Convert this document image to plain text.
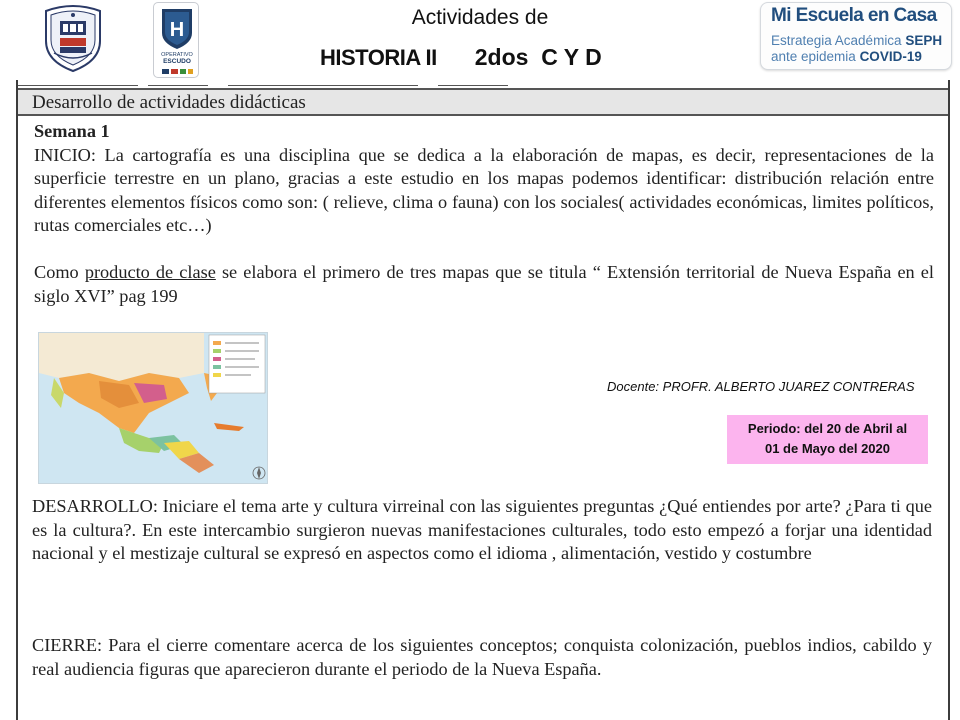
H
OPERATIVO
ESCUDO
Actividades de
HISTORIA II 2dos  C Y D
Mi Escuela en Casa
Estrategia Académica SEPH
ante epidemia COVID-19
Desarrollo de actividades didácticas
Semana 1
INICIO: La cartografía es una disciplina que se dedica a la elaboración de mapas, es decir, representaciones de la superficie terrestre en un plano, gracias a este estudio en los mapas podemos identificar: distribución relación entre diferentes elementos físicos como son: ( relieve, clima o fauna) con los sociales( actividades económicas, limites políticos, rutas comerciales etc…)
Como producto de clase se elabora el primero de tres mapas que se titula “ Extensión territorial de Nueva España en el siglo XVI” pag 199
Docente: PROFR. ALBERTO JUAREZ CONTRERAS
Periodo: del 20 de Abril al
01 de Mayo del 2020
DESARROLLO: Iniciare el tema arte y cultura virreinal con las siguientes preguntas ¿Qué entiendes por arte? ¿Para ti que es la cultura?. En este intercambio surgieron nuevas manifestaciones culturales, todo esto empezó a forjar una identidad nacional y el mestizaje cultural se expresó en aspectos como el idioma , alimentación, vestido y costumbre
CIERRE: Para el cierre comentare acerca de los siguientes conceptos; conquista colonización, pueblos indios, cabildo y real audiencia figuras que aparecieron durante el periodo de la Nueva España.
